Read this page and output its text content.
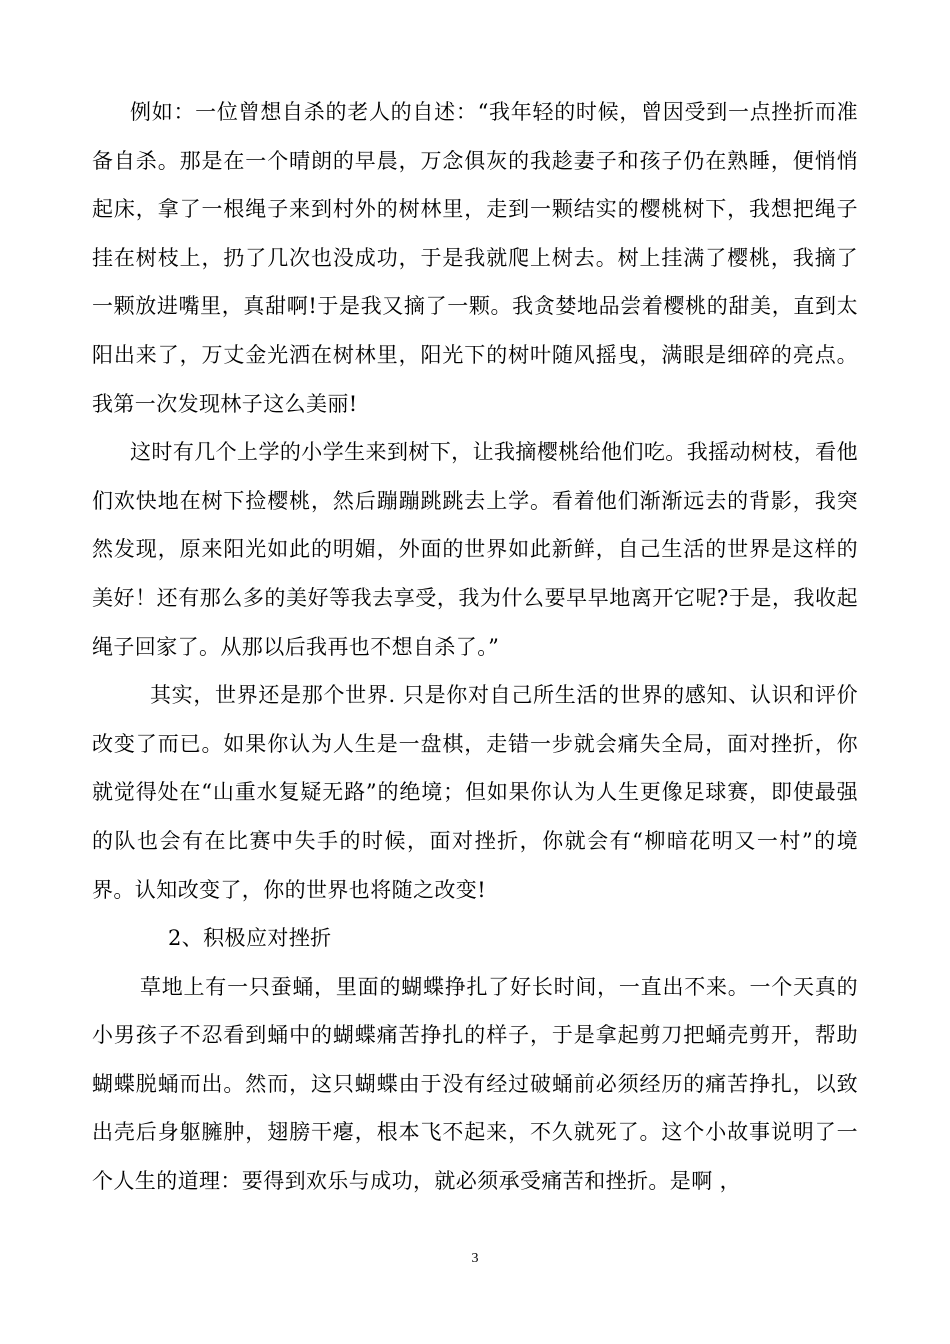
例如：一位曾想自杀的老人的自述：“我年轻的时候，曾因受到一点挫折而准备自杀。那是在一个晴朗的早晨，万念俱灰的我趁妻子和孩子仍在熟睡，便悄悄起床，拿了一根绳子来到村外的树林里，走到一颗结实的樱桃树下，我想把绳子挂在树枝上，扔了几次也没成功，于是我就爬上树去。树上挂满了樱桃，我摘了一颗放进嘴里，真甜啊!于是我又摘了一颗。我贪婪地品尝着樱桃的甜美，直到太阳出来了，万丈金光洒在树林里，阳光下的树叶随风摇曳，满眼是细碎的亮点。我第一次发现林子这么美丽!

这时有几个上学的小学生来到树下，让我摘樱桃给他们吃。我摇动树枝，看他们欢快地在树下捡樱桃，然后蹦蹦跳跳去上学。看着他们渐渐远去的背影，我突然发现，原来阳光如此的明媚，外面的世界如此新鲜，自己生活的世界是这样的美好！还有那么多的美好等我去享受，我为什么要早早地离开它呢?于是，我收起绳子回家了。从那以后我再也不想自杀了。”

其实，世界还是那个世界. 只是你对自己所生活的世界的感知、认识和评价改变了而已。如果你认为人生是一盘棋，走错一步就会痛失全局，面对挫折，你就觉得处在“山重水复疑无路”的绝境；但如果你认为人生更像足球赛，即使最强的队也会有在比赛中失手的时候，面对挫折，你就会有“柳暗花明又一村”的境界。认知改变了，你的世界也将随之改变!

2、积极应对挫折

草地上有一只蚕蛹，里面的蝴蝶挣扎了好长时间，一直出不来。一个天真的小男孩子不忍看到蛹中的蝴蝶痛苦挣扎的样子，于是拿起剪刀把蛹壳剪开，帮助蝴蝶脱蛹而出。然而，这只蝴蝶由于没有经过破蛹前必须经历的痛苦挣扎，以致出壳后身躯臃肿，翅膀干瘪，根本飞不起来，不久就死了。这个小故事说明了一个人生的道理：要得到欢乐与成功，就必须承受痛苦和挫折。是啊 ，

3
